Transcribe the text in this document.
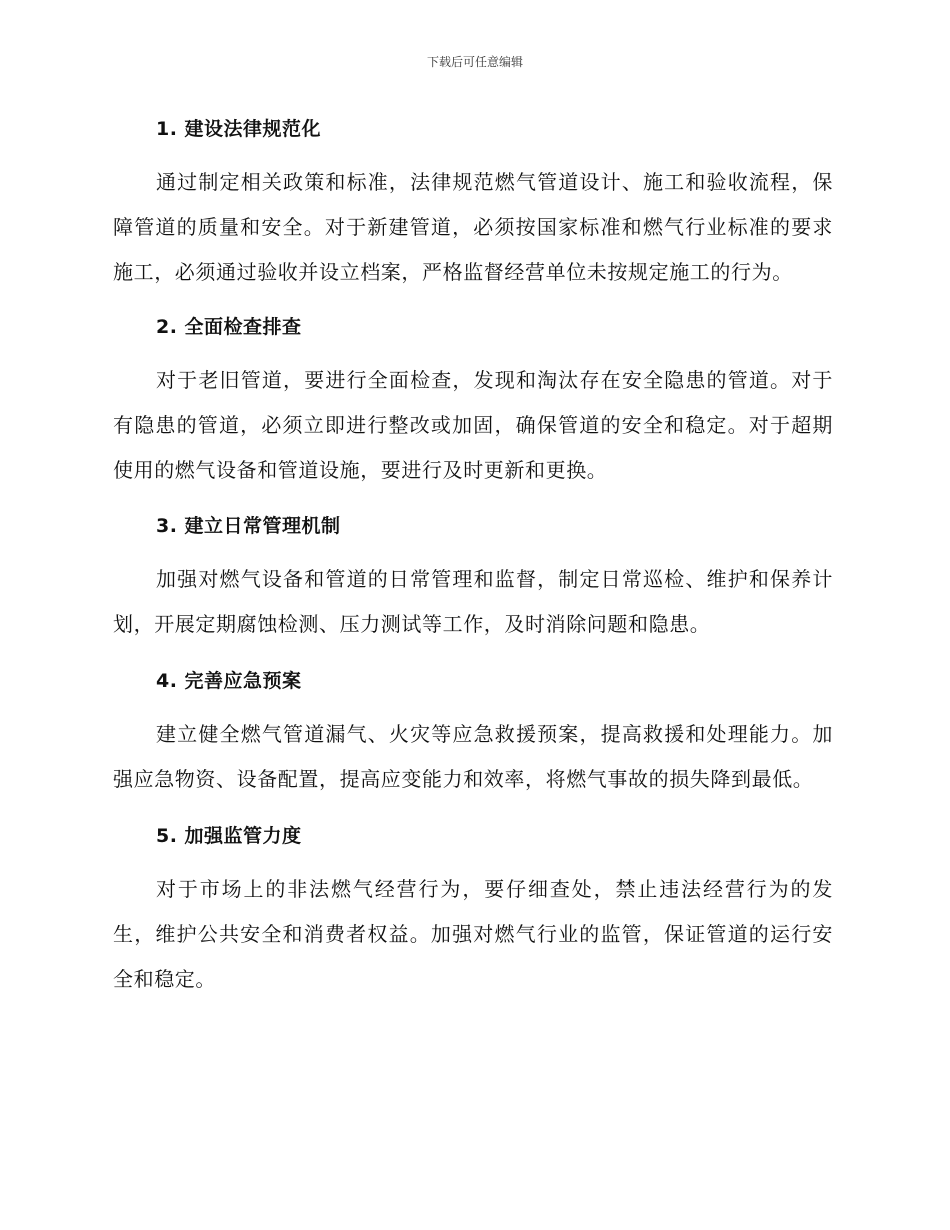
下载后可任意编辑
1. 建设法律规范化

通过制定相关政策和标准，法律规范燃气管道设计、施工和验收流程，保障管道的质量和安全。对于新建管道，必须按国家标准和燃气行业标准的要求施工，必须通过验收并设立档案，严格监督经营单位未按规定施工的行为。

2. 全面检查排查

对于老旧管道，要进行全面检查，发现和淘汰存在安全隐患的管道。对于有隐患的管道，必须立即进行整改或加固，确保管道的安全和稳定。对于超期使用的燃气设备和管道设施，要进行及时更新和更换。

3. 建立日常管理机制

加强对燃气设备和管道的日常管理和监督，制定日常巡检、维护和保养计划，开展定期腐蚀检测、压力测试等工作，及时消除问题和隐患。

4. 完善应急预案

建立健全燃气管道漏气、火灾等应急救援预案，提高救援和处理能力。加强应急物资、设备配置，提高应变能力和效率，将燃气事故的损失降到最低。

5. 加强监管力度

对于市场上的非法燃气经营行为，要仔细查处，禁止违法经营行为的发生，维护公共安全和消费者权益。加强对燃气行业的监管，保证管道的运行安全和稳定。
